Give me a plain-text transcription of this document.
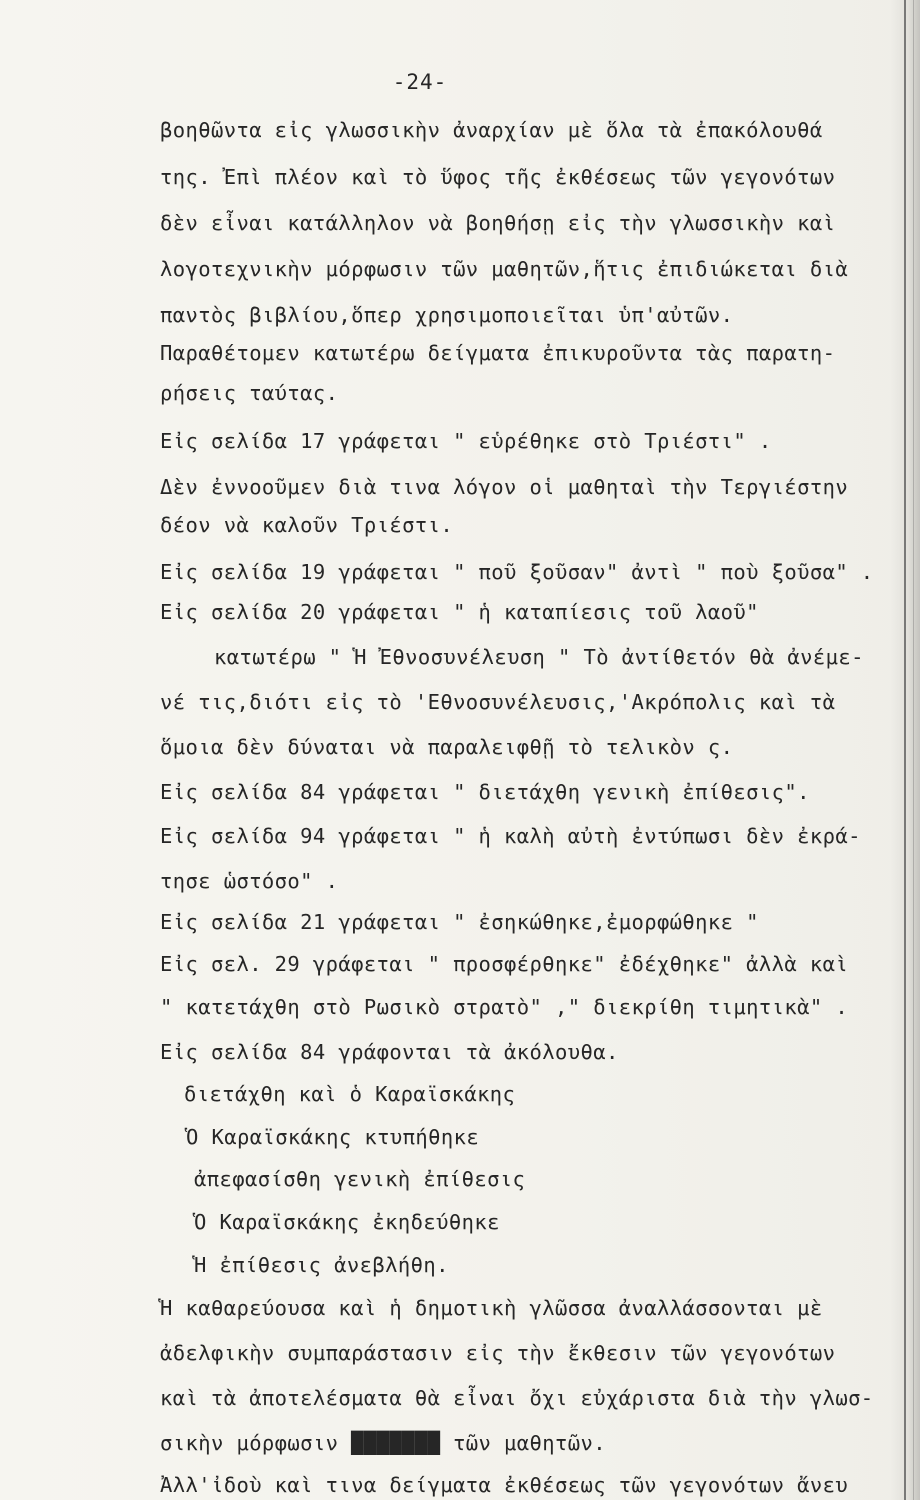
-24-
βοηθῶντα εἰς γλωσσικὴν ἀναρχίαν μὲ ὅλα τὰ ἐπακόλουθά
της. Ἐπὶ πλέον καὶ τὸ ὕφος τῆς ἐκθέσεως τῶν γεγονότων
δὲν εἶναι κατάλληλον νὰ βοηθήσῃ εἰς τὴν γλωσσικὴν καὶ
λογοτεχνικὴν μόρφωσιν τῶν μαθητῶν,ἥτις ἐπιδιώκεται διὰ
παντὸς βιβλίου,ὅπερ χρησιμοποιεῖται ὑπ'αὐτῶν.
Παραθέτομεν κατωτέρω δείγματα ἐπικυροῦντα τὰς παρατη-
ρήσεις ταύτας.
Εἰς σελίδα 17 γράφεται " εὑρέθηκε στὸ Τριέστι" .
Δὲν ἐννοοῦμεν διὰ τινα λόγον οἱ μαθηταὶ τὴν Τεργιέστην
δέον νὰ καλοῦν Τριέστι.
Εἰς σελίδα 19 γράφεται " ποῦ ξοῦσαν" ἀντὶ " ποὺ ξοῦσα" .
Εἰς σελίδα 20 γράφεται " ἡ καταπίεσις τοῦ λαοῦ"
κατωτέρω " Ἡ Ἐθνοσυνέλευση " Τὸ ἀντίθετόν θὰ ἀνέμε-
νέ τις,διότι εἰς τὸ 'Εθνοσυνέλευσις,'Ακρόπολις καὶ τὰ
ὅμοια δὲν δύναται νὰ παραλειφθῇ τὸ τελικὸν ς.
Εἰς σελίδα 84 γράφεται " διετάχθη γενικὴ ἐπίθεσις".
Εἰς σελίδα 94 γράφεται " ἡ καλὴ αὐτὴ ἐντύπωσι δὲν ἐκρά-
τησε ὡστόσο" .
Εἰς σελίδα 21 γράφεται " ἐσηκώθηκε,ἐμορφώθηκε "
Εἰς σελ. 29 γράφεται " προσφέρθηκε" ἐδέχθηκε" ἀλλὰ καὶ
" κατετάχθη στὸ Ρωσικὸ στρατὸ" ," διεκρίθη τιμητικὰ" .
Εἰς σελίδα 84 γράφονται τὰ ἀκόλουθα.
διετάχθη καὶ ὁ Καραϊσκάκης
Ὁ Καραϊσκάκης κτυπήθηκε
ἀπεφασίσθη γενικὴ ἐπίθεσις
Ὁ Καραϊσκάκης ἐκηδεύθηκε
Ἡ ἐπίθεσις ἀνεβλήθη.
Ἡ καθαρεύουσα καὶ ἡ δημοτικὴ γλῶσσα ἀναλλάσσονται μὲ
ἀδελφικὴν συμπαράστασιν εἰς τὴν ἔκθεσιν τῶν γεγονότων
καὶ τὰ ἀποτελέσματα θὰ εἶναι ὄχι εὐχάριστα διὰ τὴν γλωσ-
σικὴν μόρφωσιν ███████ τῶν μαθητῶν.
Ἀλλ'ἰδοὺ καὶ τινα δείγματα ἐκθέσεως τῶν γεγονότων ἄνευ
